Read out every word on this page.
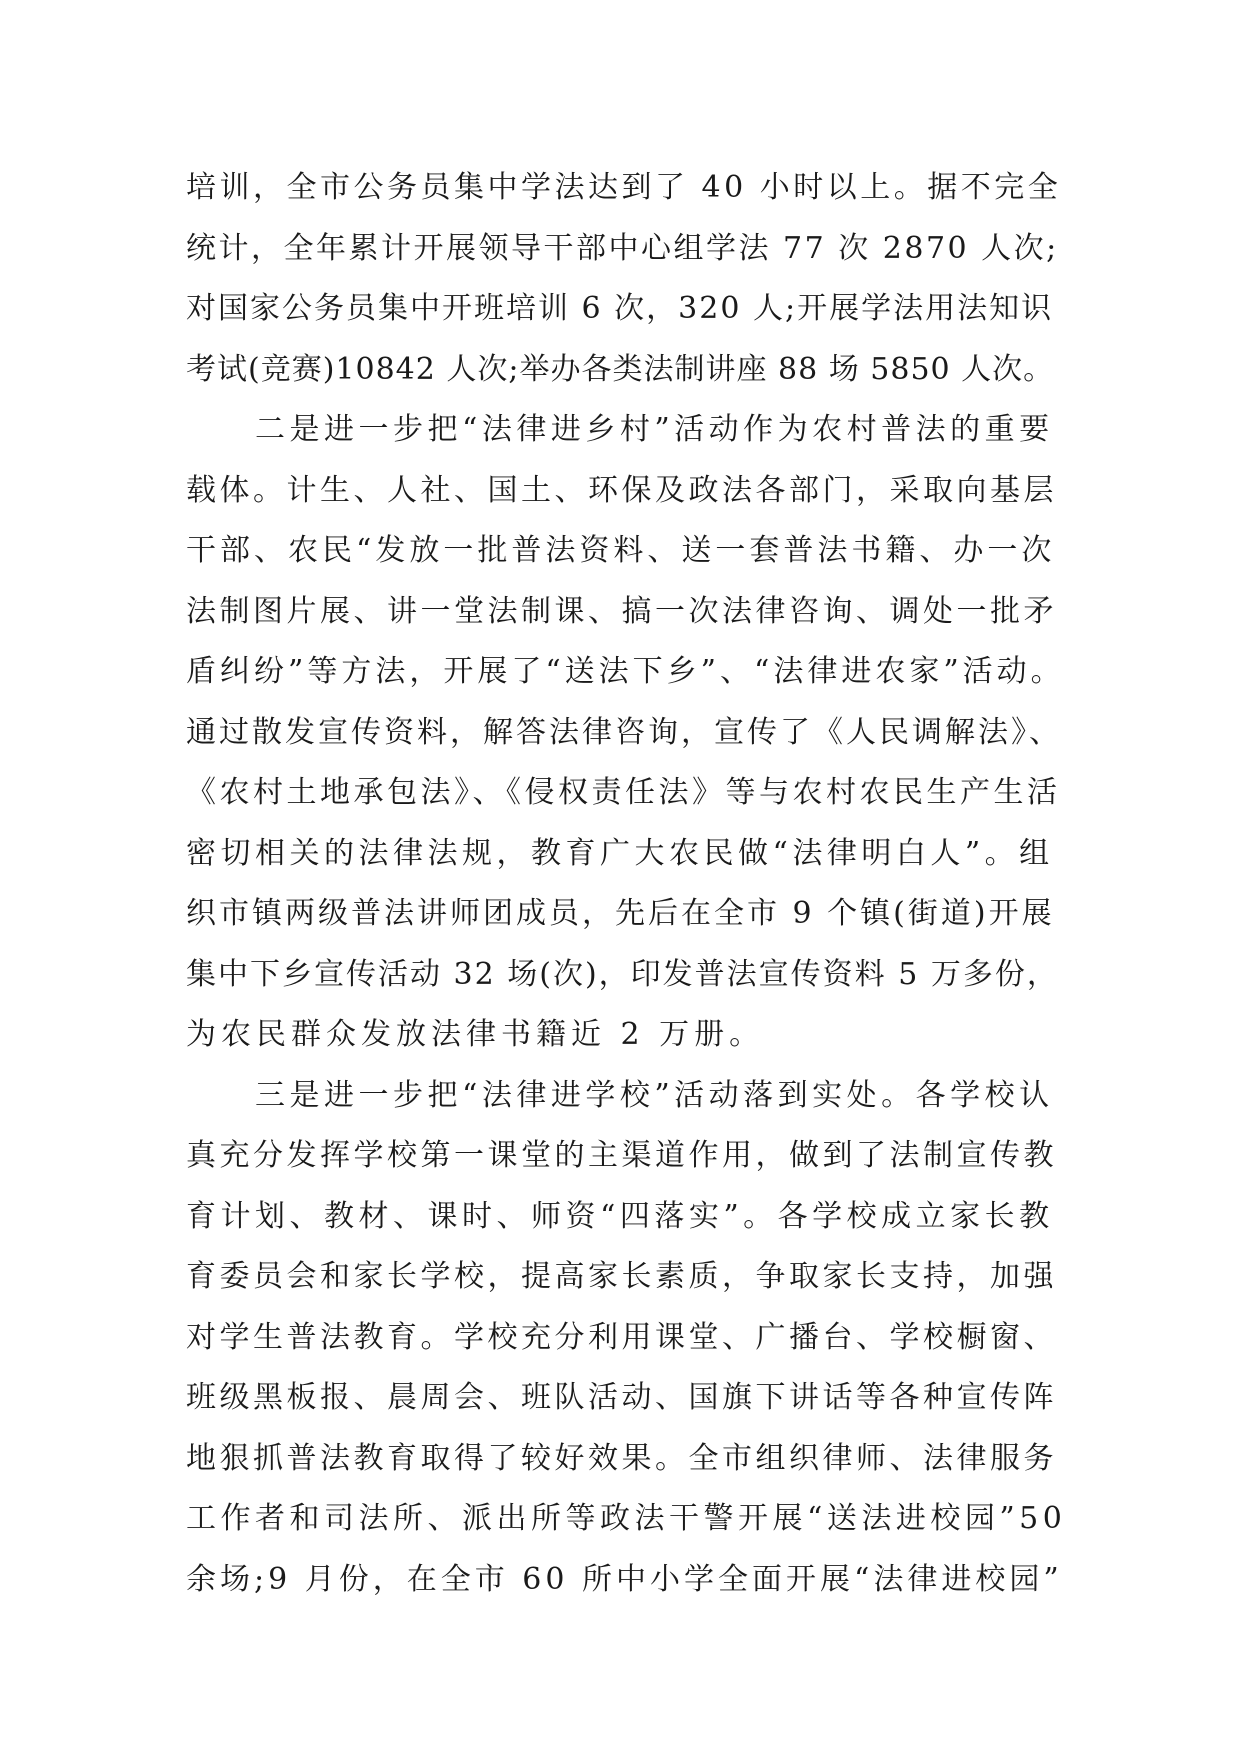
培训，全市公务员集中学法达到了 40 小时以上。据不完全
统计，全年累计开展领导干部中心组学法 77 次 2870 人次;
对国家公务员集中开班培训 6 次，320 人;开展学法用法知识
考试(竞赛)10842 人次;举办各类法制讲座 88 场 5850 人次。
　　二是进一步把“法律进乡村”活动作为农村普法的重要
载体。计生、人社、国土、环保及政法各部门，采取向基层
干部、农民“发放一批普法资料、送一套普法书籍、办一次
法制图片展、讲一堂法制课、搞一次法律咨询、调处一批矛
盾纠纷”等方法，开展了“送法下乡”、“法律进农家”活动。
通过散发宣传资料，解答法律咨询，宣传了《人民调解法》、
《农村土地承包法》、《侵权责任法》等与农村农民生产生活
密切相关的法律法规，教育广大农民做“法律明白人”。组
织市镇两级普法讲师团成员，先后在全市 9 个镇(街道)开展
集中下乡宣传活动 32 场(次)，印发普法宣传资料 5 万多份，
为农民群众发放法律书籍近 2 万册。
　　三是进一步把“法律进学校”活动落到实处。各学校认
真充分发挥学校第一课堂的主渠道作用，做到了法制宣传教
育计划、教材、课时、师资“四落实”。各学校成立家长教
育委员会和家长学校，提高家长素质，争取家长支持，加强
对学生普法教育。学校充分利用课堂、广播台、学校橱窗、
班级黑板报、晨周会、班队活动、国旗下讲话等各种宣传阵
地狠抓普法教育取得了较好效果。全市组织律师、法律服务
工作者和司法所、派出所等政法干警开展“送法进校园”50
余场;9 月份，在全市 60 所中小学全面开展“法律进校园”
